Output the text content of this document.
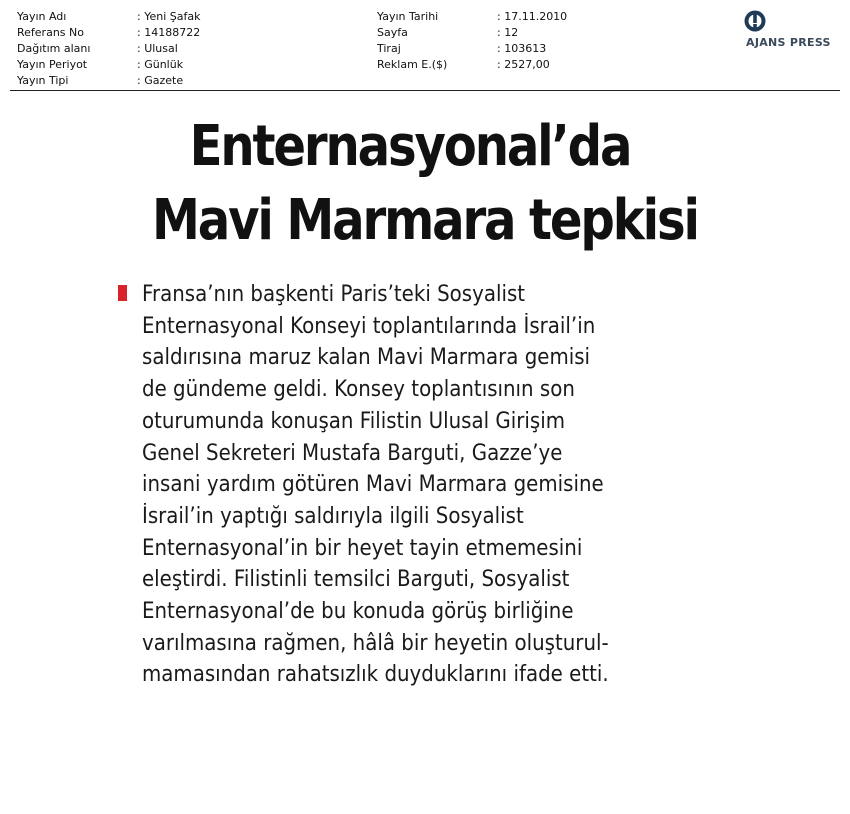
Yayın Adı	: Yeni Şafak
Referans No	: 14188722
Dağıtım alanı	: Ulusal
Yayın Periyot	: Günlük
Yayın Tipi	: Gazete
Yayın Tarihi	: 17.11.2010
Sayfa	: 12
Tiraj	: 103613
Reklam E.($)	: 2527,00
AJANS PRESS
Enternasyonal’da
Mavi Marmara tepkisi
Fransa’nın başkenti Paris’teki Sosyalist
Enternasyonal Konseyi toplantılarında İsrail’in
saldırısına maruz kalan Mavi Marmara gemisi
de gündeme geldi. Konsey toplantısının son
oturumunda konuşan Filistin Ulusal Girişim
Genel Sekreteri Mustafa Barguti, Gazze’ye
insani yardım götüren Mavi Marmara gemisine
İsrail’in yaptığı saldırıyla ilgili Sosyalist
Enternasyonal’in bir heyet tayin etmemesini
eleştirdi. Filistinli temsilci Barguti, Sosyalist
Enternasyonal’de bu konuda görüş birliğine
varılmasına rağmen, hâlâ bir heyetin oluşturul-
mamasından rahatsızlık duyduklarını ifade etti.
